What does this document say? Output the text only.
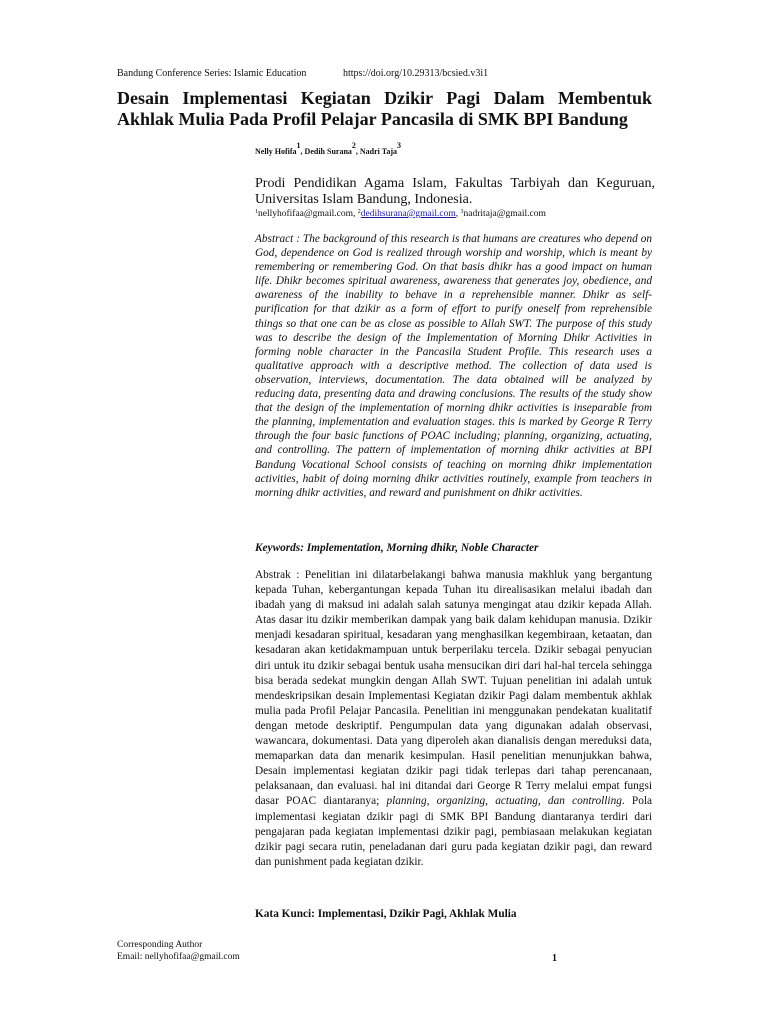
Bandung Conference Series: Islamic Education	https://doi.org/10.29313/bcsied.v3i1
Desain Implementasi Kegiatan Dzikir Pagi Dalam Membentuk Akhlak Mulia Pada Profil Pelajar Pancasila di SMK BPI Bandung
Nelly Hofifa$^1$, Dedih Surana$^2$, Nadri Taja$^3$
Prodi Pendidikan Agama Islam, Fakultas Tarbiyah dan Keguruan, Universitas Islam Bandung, Indonesia.
$^1$nellyhofifaa@gmail.com, $^2$dedihsurana@gmail.com, $^3$nadritaja@gmail.com

Abstract : The background of this research is that humans are creatures who depend on God, dependence on God is realized through worship and worship, which is meant by remembering or remembering God. On that basis dhikr has a good impact on human life. Dhikr becomes spiritual awareness, awareness that generates joy, obedience, and awareness of the inability to behave in a reprehensible manner. Dhikr as self-purification for that dzikir as a form of effort to purify oneself from reprehensible things so that one can be as close as possible to Allah SWT. The purpose of this study was to describe the design of the Implementation of Morning Dhikr Activities in forming noble character in the Pancasila Student Profile. This research uses a qualitative approach with a descriptive method. The collection of data used is observation, interviews, documentation. The data obtained will be analyzed by reducing data, presenting data and drawing conclusions. The results of the study show that the design of the implementation of morning dhikr activities is inseparable from the planning, implementation and evaluation stages. this is marked by George R Terry through the four basic functions of POAC including; planning, organizing, actuating, and controlling. The pattern of implementation of morning dhikr activities at BPI Bandung Vocational School consists of teaching on morning dhikr implementation activities, habit of doing morning dhikr activities routinely, example from teachers in morning dhikr activities, and reward and punishment on dhikr activities.

Keywords: Implementation, Morning dhikr, Noble Character

Abstrak : Penelitian ini dilatarbelakangi bahwa manusia makhluk yang bergantung kepada Tuhan, kebergantungan kepada Tuhan itu direalisasikan melalui ibadah dan ibadah yang di maksud ini adalah salah satunya mengingat atau dzikir kepada Allah. Atas dasar itu dzikir memberikan dampak yang baik dalam kehidupan manusia. Dzikir menjadi kesadaran spiritual, kesadaran yang menghasilkan kegembiraan, ketaatan, dan kesadaran akan ketidakmampuan untuk berperilaku tercela. Dzikir sebagai penyucian diri untuk itu dzikir sebagai bentuk usaha mensucikan diri dari hal-hal tercela sehingga bisa berada sedekat mungkin dengan Allah SWT. Tujuan penelitian ini adalah untuk mendeskripsikan desain Implementasi Kegiatan dzikir Pagi dalam membentuk akhlak mulia pada Profil Pelajar Pancasila. Penelitian ini menggunakan pendekatan kualitatif dengan metode deskriptif. Pengumpulan data yang digunakan adalah observasi, wawancara, dokumentasi. Data yang diperoleh akan dianalisis dengan mereduksi data, memaparkan data dan menarik kesimpulan. Hasil penelitian menunjukkan bahwa, Desain implementasi kegiatan dzikir pagi tidak terlepas dari tahap perencanaan, pelaksanaan, dan evaluasi. hal ini ditandai dari George R Terry melalui empat fungsi dasar POAC diantaranya; planning, organizing, actuating, dan controlling. Pola implementasi kegiatan dzikir pagi di SMK BPI Bandung diantaranya terdiri dari pengajaran pada kegiatan implementasi dzikir pagi, pembiasaan melakukan kegiatan dzikir pagi secara rutin, peneladanan dari guru pada kegiatan dzikir pagi, dan reward dan punishment pada kegiatan dzikir.

Kata Kunci: Implementasi, Dzikir Pagi, Akhlak Mulia
Corresponding Author
Email: nellyhofifaa@gmail.com	1
